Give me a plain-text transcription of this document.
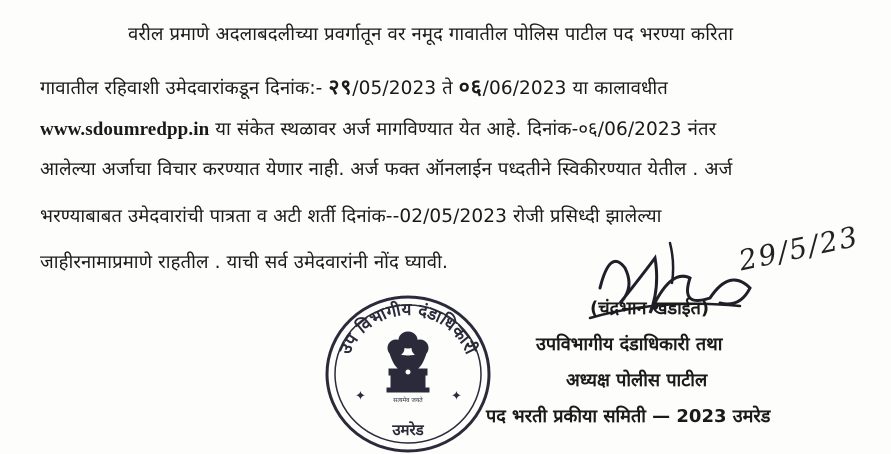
वरील प्रमाणे अदलाबदलीच्या प्रवर्गातून वर नमूद गावातील पोलिस पाटील पद भरण्या करिता
गावातील रहिवाशी उमेदवारांकडून दिनांक:- २९/05/2023 ते ०६/06/2023 या कालावधीत
www.sdoumredpp.in या संकेत स्थळावर अर्ज मागविण्यात येत आहे. दिनांक-०६/06/2023 नंतर
आलेल्या अर्जाचा विचार करण्यात येणार नाही. अर्ज फक्त ऑनलाईन पध्दतीने स्विकीरण्यात येतील . अर्ज
भरण्याबाबत उमेदवारांची पात्रता व अटी शर्ती दिनांक--02/05/2023 रोजी प्रसिध्दी झालेल्या
जाहीरनामाप्रमाणे राहतील . याची सर्व उमेदवारांनी नोंद घ्यावी.
उप विभागीय दंडाधिकारी
उमरेड
✦	✦
सत्यमेव जयते
29/5/23
(चंद्रभान खडाईत)
उपविभागीय दंडाधिकारी तथा
अध्यक्ष पोलीस पाटील
पद भरती प्रकीया समिती — 2023 उमरेड
